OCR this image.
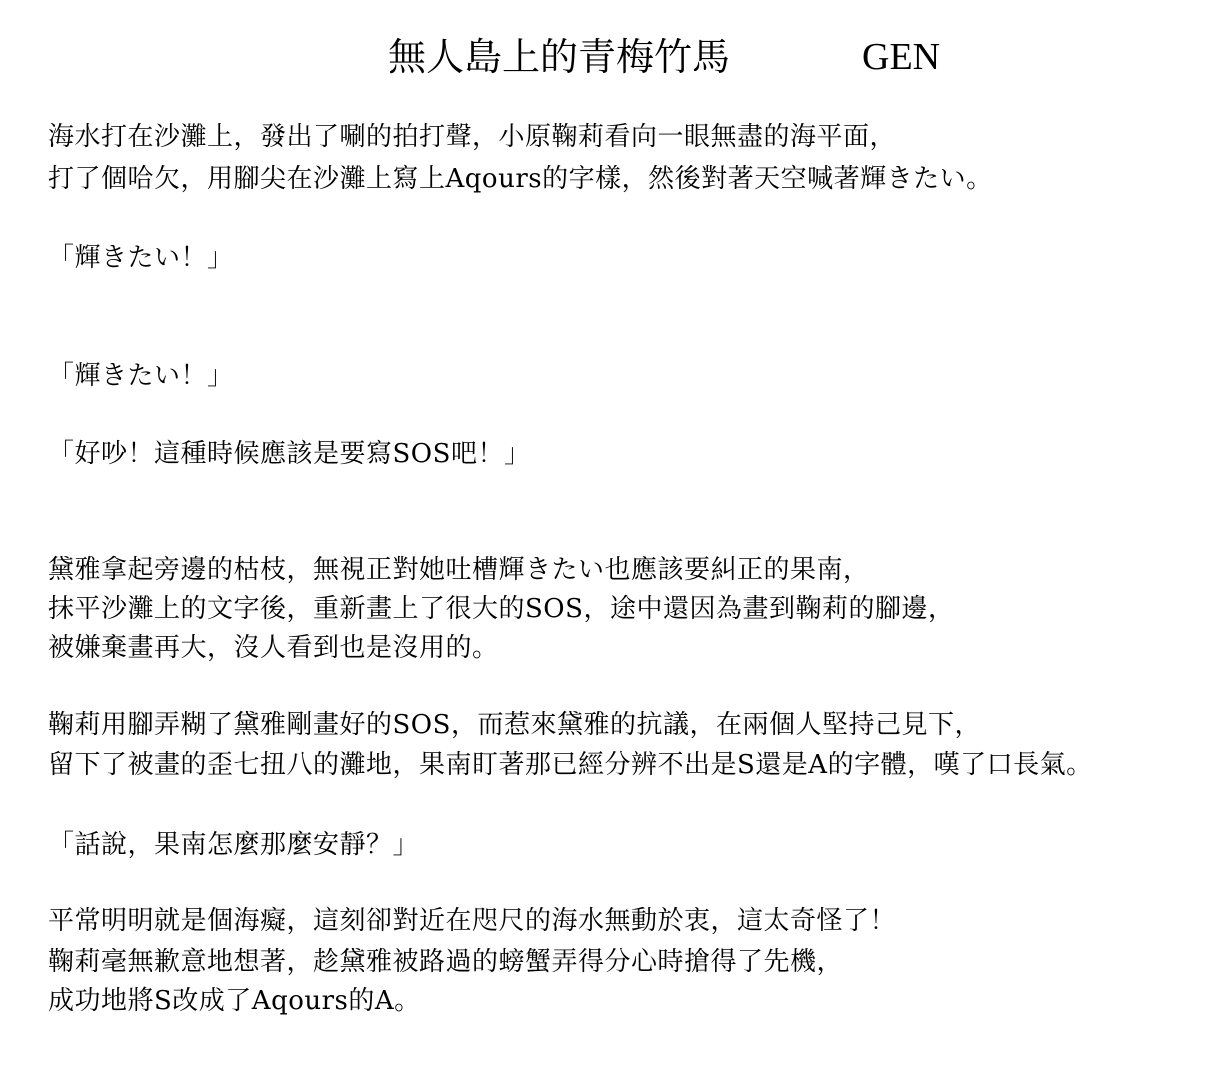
無人島上的青梅竹馬	GEN
海水打在沙灘上，發出了唰的拍打聲，小原鞠莉看向一眼無盡的海平面，
打了個哈欠，用腳尖在沙灘上寫上Aqours的字樣，然後對著天空喊著輝きたい。
「輝きたい！」
「輝きたい！」
「好吵！這種時候應該是要寫SOS吧！」
黛雅拿起旁邊的枯枝，無視正對她吐槽輝きたい也應該要糾正的果南，
抹平沙灘上的文字後，重新畫上了很大的SOS，途中還因為畫到鞠莉的腳邊，
被嫌棄畫再大，沒人看到也是沒用的。
鞠莉用腳弄糊了黛雅剛畫好的SOS，而惹來黛雅的抗議，在兩個人堅持己見下，
留下了被畫的歪七扭八的灘地，果南盯著那已經分辨不出是S還是A的字體，嘆了口長氣。
「話說，果南怎麼那麼安靜？」
平常明明就是個海癡，這刻卻對近在咫尺的海水無動於衷，這太奇怪了！
鞠莉毫無歉意地想著，趁黛雅被路過的螃蟹弄得分心時搶得了先機，
成功地將S改成了Aqours的A。
